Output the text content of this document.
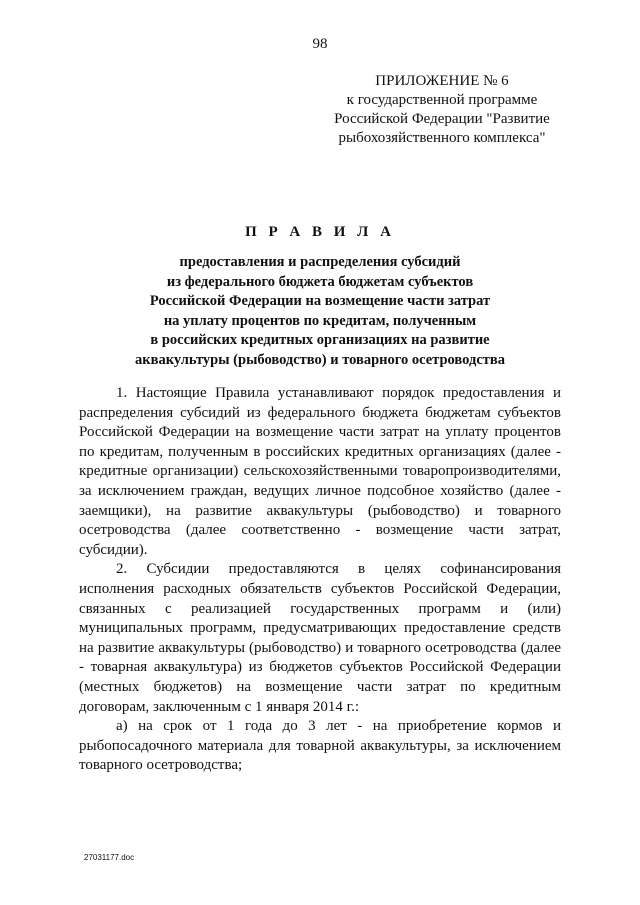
98
ПРИЛОЖЕНИЕ № 6
к государственной программе
Российской Федерации "Развитие
рыбохозяйственного комплекса"
П Р А В И Л А
предоставления и распределения субсидий
из федерального бюджета бюджетам субъектов
Российской Федерации на возмещение части затрат
на уплату процентов по кредитам, полученным
в российских кредитных организациях на развитие
аквакультуры (рыбоводство) и товарного осетроводства

1. Настоящие Правила устанавливают порядок предоставления и распределения субсидий из федерального бюджета бюджетам субъектов Российской Федерации на возмещение части затрат на уплату процентов по кредитам, полученным в российских кредитных организациях (далее - кредитные организации) сельскохозяйственными товаропроизводителями, за исключением граждан, ведущих личное подсобное хозяйство (далее - заемщики), на развитие аквакультуры (рыбоводство) и товарного осетроводства (далее соответственно - возмещение части затрат, субсидии).

2. Субсидии предоставляются в целях софинансирования исполнения расходных обязательств субъектов Российской Федерации, связанных с реализацией государственных программ и (или) муниципальных программ, предусматривающих предоставление средств на развитие аквакультуры (рыбоводство) и товарного осетроводства (далее - товарная аквакультура) из бюджетов субъектов Российской Федерации (местных бюджетов) на возмещение части затрат по кредитным договорам, заключенным с 1 января 2014 г.:

а) на срок от 1 года до 3 лет - на приобретение кормов и рыбопосадочного материала для товарной аквакультуры, за исключением товарного осетроводства;

27031177.doc
